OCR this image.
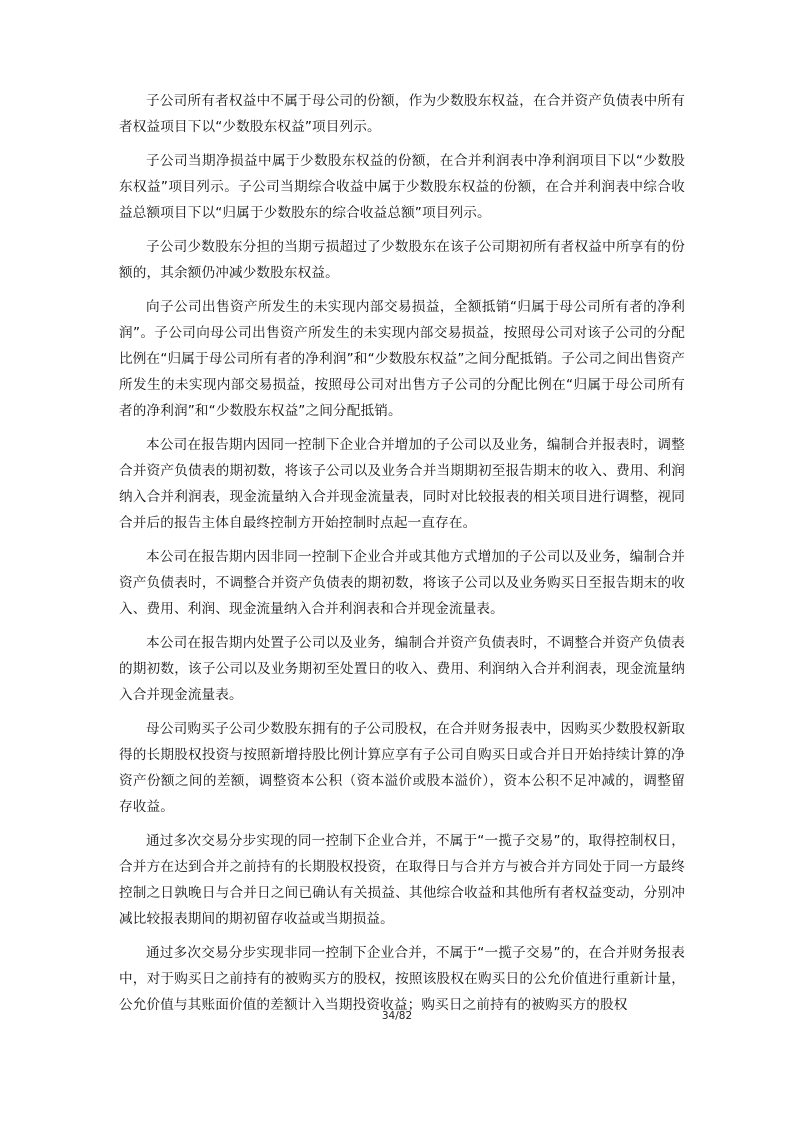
子公司所有者权益中不属于母公司的份额，作为少数股东权益，在合并资产负债表中所有者权益项目下以“少数股东权益”项目列示。

子公司当期净损益中属于少数股东权益的份额，在合并利润表中净利润项目下以“少数股东权益”项目列示。子公司当期综合收益中属于少数股东权益的份额，在合并利润表中综合收益总额项目下以“归属于少数股东的综合收益总额”项目列示。

子公司少数股东分担的当期亏损超过了少数股东在该子公司期初所有者权益中所享有的份额的，其余额仍冲减少数股东权益。

向子公司出售资产所发生的未实现内部交易损益，全额抵销“归属于母公司所有者的净利润”。子公司向母公司出售资产所发生的未实现内部交易损益，按照母公司对该子公司的分配比例在“归属于母公司所有者的净利润”和“少数股东权益”之间分配抵销。子公司之间出售资产所发生的未实现内部交易损益，按照母公司对出售方子公司的分配比例在“归属于母公司所有者的净利润”和“少数股东权益”之间分配抵销。

本公司在报告期内因同一控制下企业合并增加的子公司以及业务，编制合并报表时，调整合并资产负债表的期初数，将该子公司以及业务合并当期期初至报告期末的收入、费用、利润纳入合并利润表，现金流量纳入合并现金流量表，同时对比较报表的相关项目进行调整，视同合并后的报告主体自最终控制方开始控制时点起一直存在。

本公司在报告期内因非同一控制下企业合并或其他方式增加的子公司以及业务，编制合并资产负债表时，不调整合并资产负债表的期初数，将该子公司以及业务购买日至报告期末的收入、费用、利润、现金流量纳入合并利润表和合并现金流量表。

本公司在报告期内处置子公司以及业务，编制合并资产负债表时，不调整合并资产负债表的期初数，该子公司以及业务期初至处置日的收入、费用、利润纳入合并利润表，现金流量纳入合并现金流量表。

母公司购买子公司少数股东拥有的子公司股权，在合并财务报表中，因购买少数股权新取得的长期股权投资与按照新增持股比例计算应享有子公司自购买日或合并日开始持续计算的净资产份额之间的差额，调整资本公积（资本溢价或股本溢价），资本公积不足冲减的，调整留存收益。

通过多次交易分步实现的同一控制下企业合并，不属于“一揽子交易”的，取得控制权日，合并方在达到合并之前持有的长期股权投资，在取得日与合并方与被合并方同处于同一方最终控制之日孰晚日与合并日之间已确认有关损益、其他综合收益和其他所有者权益变动，分别冲减比较报表期间的期初留存收益或当期损益。

通过多次交易分步实现非同一控制下企业合并，不属于“一揽子交易”的，在合并财务报表中，对于购买日之前持有的被购买方的股权，按照该股权在购买日的公允价值进行重新计量，公允价值与其账面价值的差额计入当期投资收益；购买日之前持有的被购买方的股权

34/82
